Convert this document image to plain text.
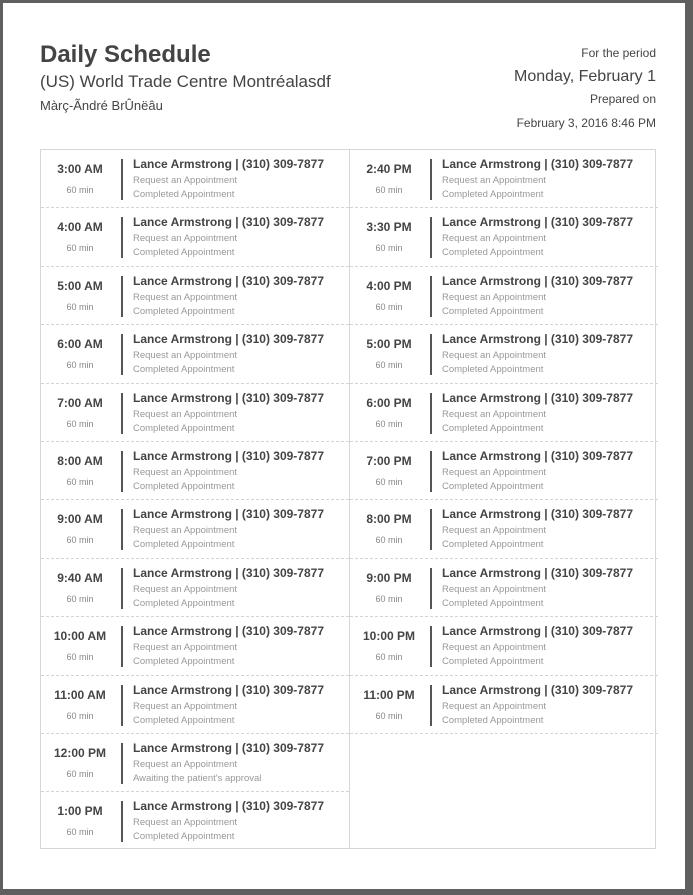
Daily Schedule
(US) World Trade Centre Montréalasdf
Màrç-Ãndré BrÛnëâu
For the period
Monday, February 1
Prepared on
February 3, 2016 8:46 PM
3:00 AM
60 min
Lance Armstrong | (310) 309-7877
Request an Appointment
Completed Appointment
4:00 AM
60 min
Lance Armstrong | (310) 309-7877
Request an Appointment
Completed Appointment
5:00 AM
60 min
Lance Armstrong | (310) 309-7877
Request an Appointment
Completed Appointment
6:00 AM
60 min
Lance Armstrong | (310) 309-7877
Request an Appointment
Completed Appointment
7:00 AM
60 min
Lance Armstrong | (310) 309-7877
Request an Appointment
Completed Appointment
8:00 AM
60 min
Lance Armstrong | (310) 309-7877
Request an Appointment
Completed Appointment
9:00 AM
60 min
Lance Armstrong | (310) 309-7877
Request an Appointment
Completed Appointment
9:40 AM
60 min
Lance Armstrong | (310) 309-7877
Request an Appointment
Completed Appointment
10:00 AM
60 min
Lance Armstrong | (310) 309-7877
Request an Appointment
Completed Appointment
11:00 AM
60 min
Lance Armstrong | (310) 309-7877
Request an Appointment
Completed Appointment
12:00 PM
60 min
Lance Armstrong | (310) 309-7877
Request an Appointment
Awaiting the patient's approval
1:00 PM
60 min
Lance Armstrong | (310) 309-7877
Request an Appointment
Completed Appointment
2:40 PM
60 min
Lance Armstrong | (310) 309-7877
Request an Appointment
Completed Appointment
3:30 PM
60 min
Lance Armstrong | (310) 309-7877
Request an Appointment
Completed Appointment
4:00 PM
60 min
Lance Armstrong | (310) 309-7877
Request an Appointment
Completed Appointment
5:00 PM
60 min
Lance Armstrong | (310) 309-7877
Request an Appointment
Completed Appointment
6:00 PM
60 min
Lance Armstrong | (310) 309-7877
Request an Appointment
Completed Appointment
7:00 PM
60 min
Lance Armstrong | (310) 309-7877
Request an Appointment
Completed Appointment
8:00 PM
60 min
Lance Armstrong | (310) 309-7877
Request an Appointment
Completed Appointment
9:00 PM
60 min
Lance Armstrong | (310) 309-7877
Request an Appointment
Completed Appointment
10:00 PM
60 min
Lance Armstrong | (310) 309-7877
Request an Appointment
Completed Appointment
11:00 PM
60 min
Lance Armstrong | (310) 309-7877
Request an Appointment
Completed Appointment
